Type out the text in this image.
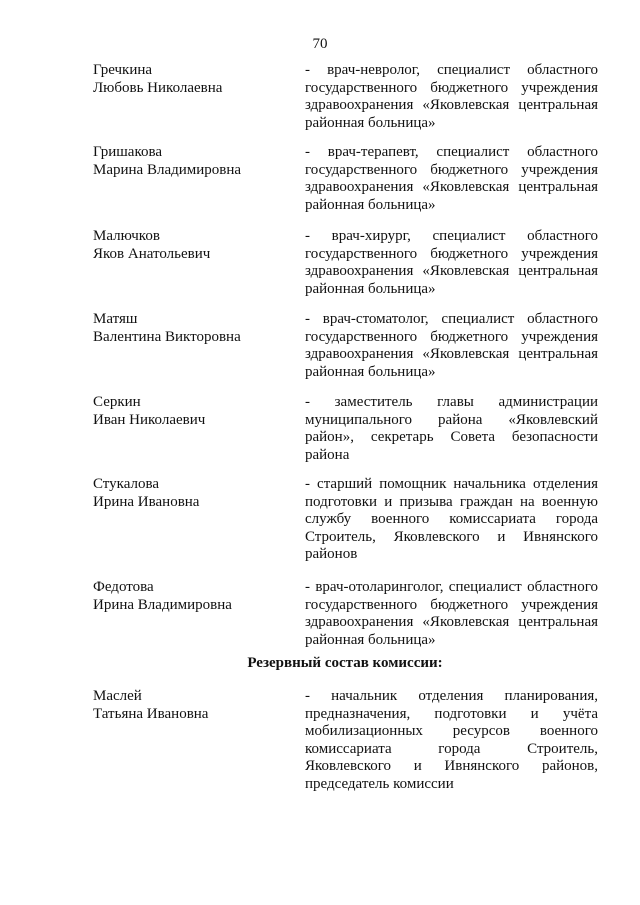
70
Гречкина
Любовь Николаевна
- врач-невролог, специалист областного государственного бюджетного учреждения здравоохранения «Яковлевская центральная районная больница»
Гришакова
Марина Владимировна
- врач-терапевт, специалист областного государственного бюджетного учреждения здравоохранения «Яковлевская центральная районная больница»
Малючков
Яков Анатольевич
- врач-хирург, специалист областного государственного бюджетного учреждения здравоохранения «Яковлевская центральная районная больница»
Матяш
Валентина Викторовна
- врач-стоматолог, специалист областного государственного бюджетного учреждения здравоохранения «Яковлевская центральная районная больница»
Серкин
Иван Николаевич
- заместитель главы администрации муниципального района «Яковлевский район», секретарь Совета безопасности района
Стукалова
Ирина Ивановна
- старший помощник начальника отделения подготовки и призыва граждан на военную службу военного комиссариата города Строитель, Яковлевского и Ивнянского районов
Федотова
Ирина Владимировна
- врач-отоларинголог, специалист областного государственного бюджетного учреждения здравоохранения «Яковлевская центральная районная больница»
Резервный состав комиссии:
Маслей
Татьяна Ивановна
- начальник отделения планирования, предназначения, подготовки и учёта мобилизационных ресурсов военного комиссариата города Строитель, Яковлевского и Ивнянского районов, председатель комиссии
